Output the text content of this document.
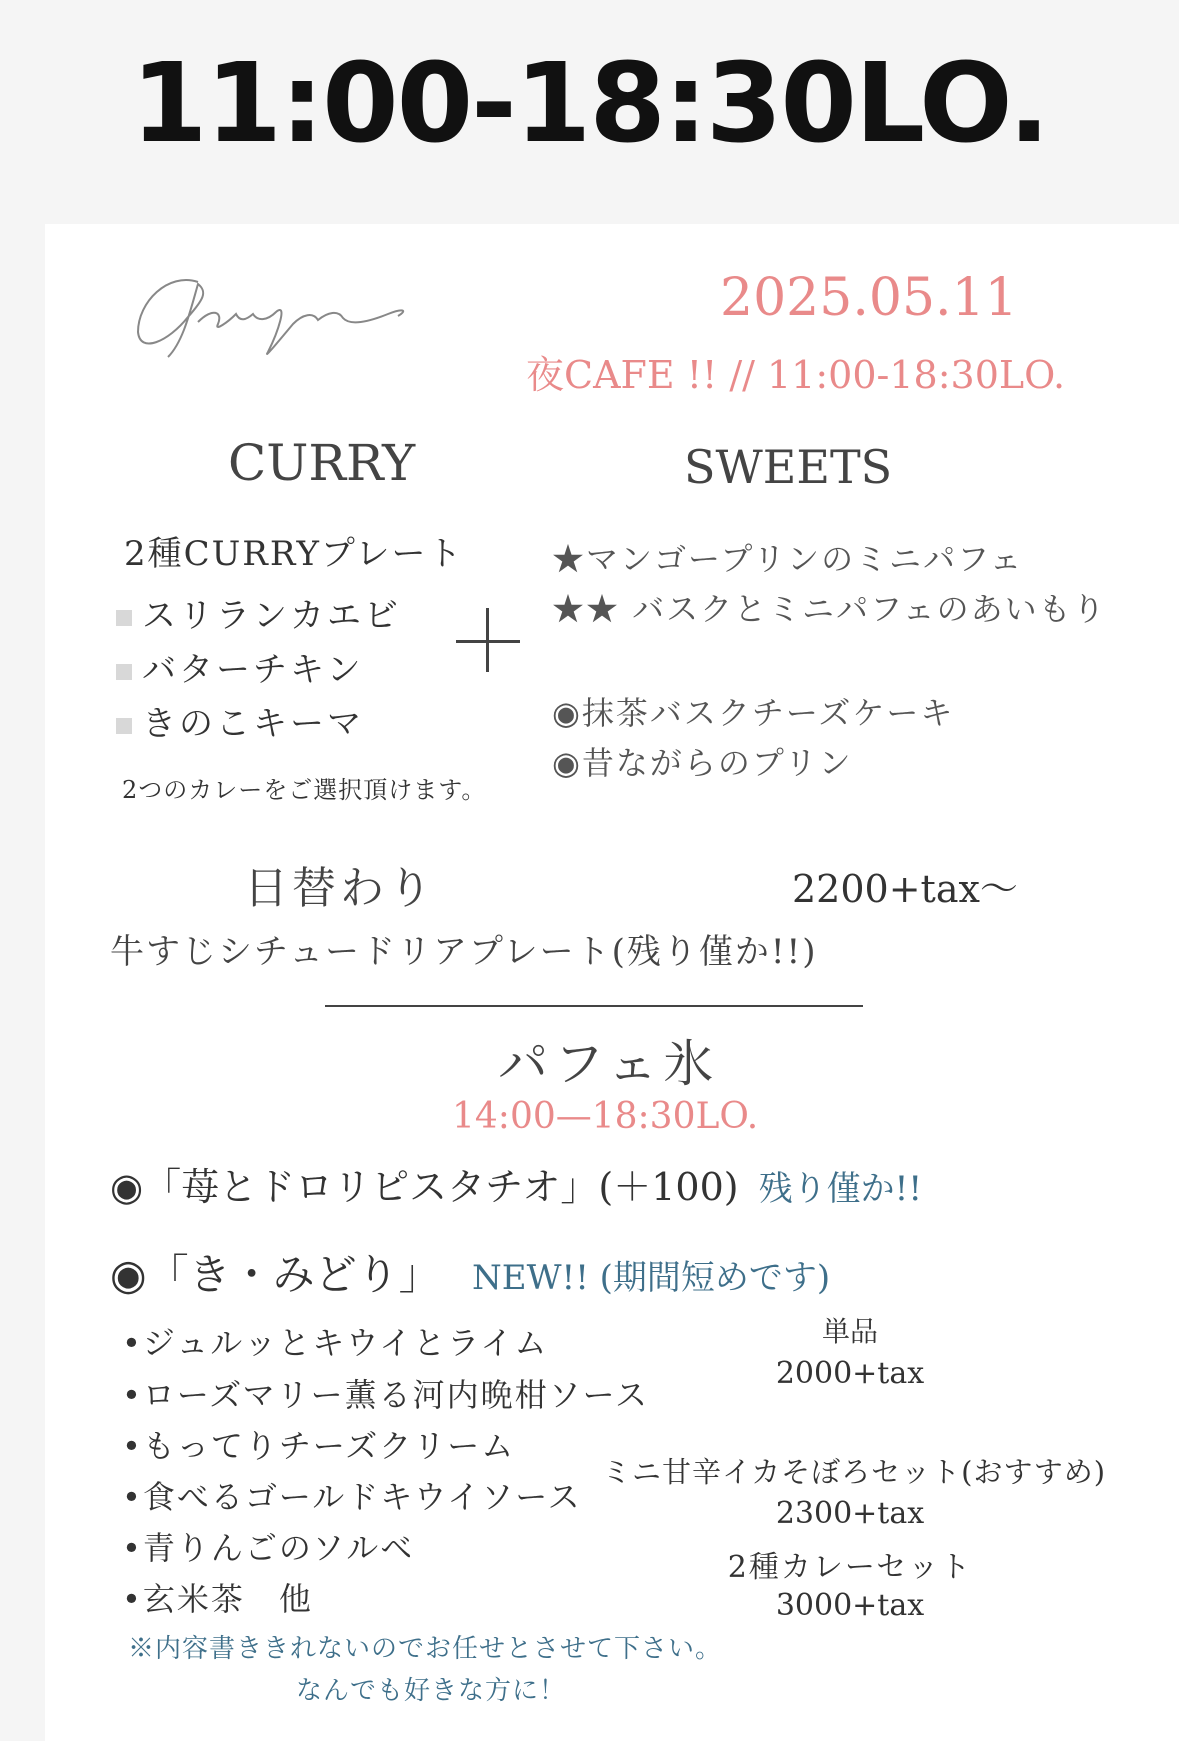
11:00-18:30LO.
2025.05.11
夜CAFE !! // 11:00-18:30LO.
CURRY
2種CURRYプレート
スリランカエビ
バターチキン
きのこキーマ
2つのカレーをご選択頂けます。
SWEETS
★マンゴープリンのミニパフェ
★★ バスクとミニパフェのあいもり
◉抹茶バスクチーズケーキ
◉昔ながらのプリン
日替わり	2200+tax〜
牛すじシチュードリアプレート(残り僅か!!)
パフェ氷
14:00—18:30LO.
◉「苺とドロリピスタチオ」(＋100) 残り僅か!!
◉「き・みどり」 NEW!! (期間短めです)
•ジュルッとキウイとライム
•ローズマリー薫る河内晩柑ソース
•もってりチーズクリーム
•食べるゴールドキウイソース
•青りんごのソルベ
•玄米茶　他
※内容書ききれないのでお任せとさせて下さい。
なんでも好きな方に！
単品
2000+tax
ミニ甘辛イカそぼろセット(おすすめ)
2300+tax
2種カレーセット
3000+tax
